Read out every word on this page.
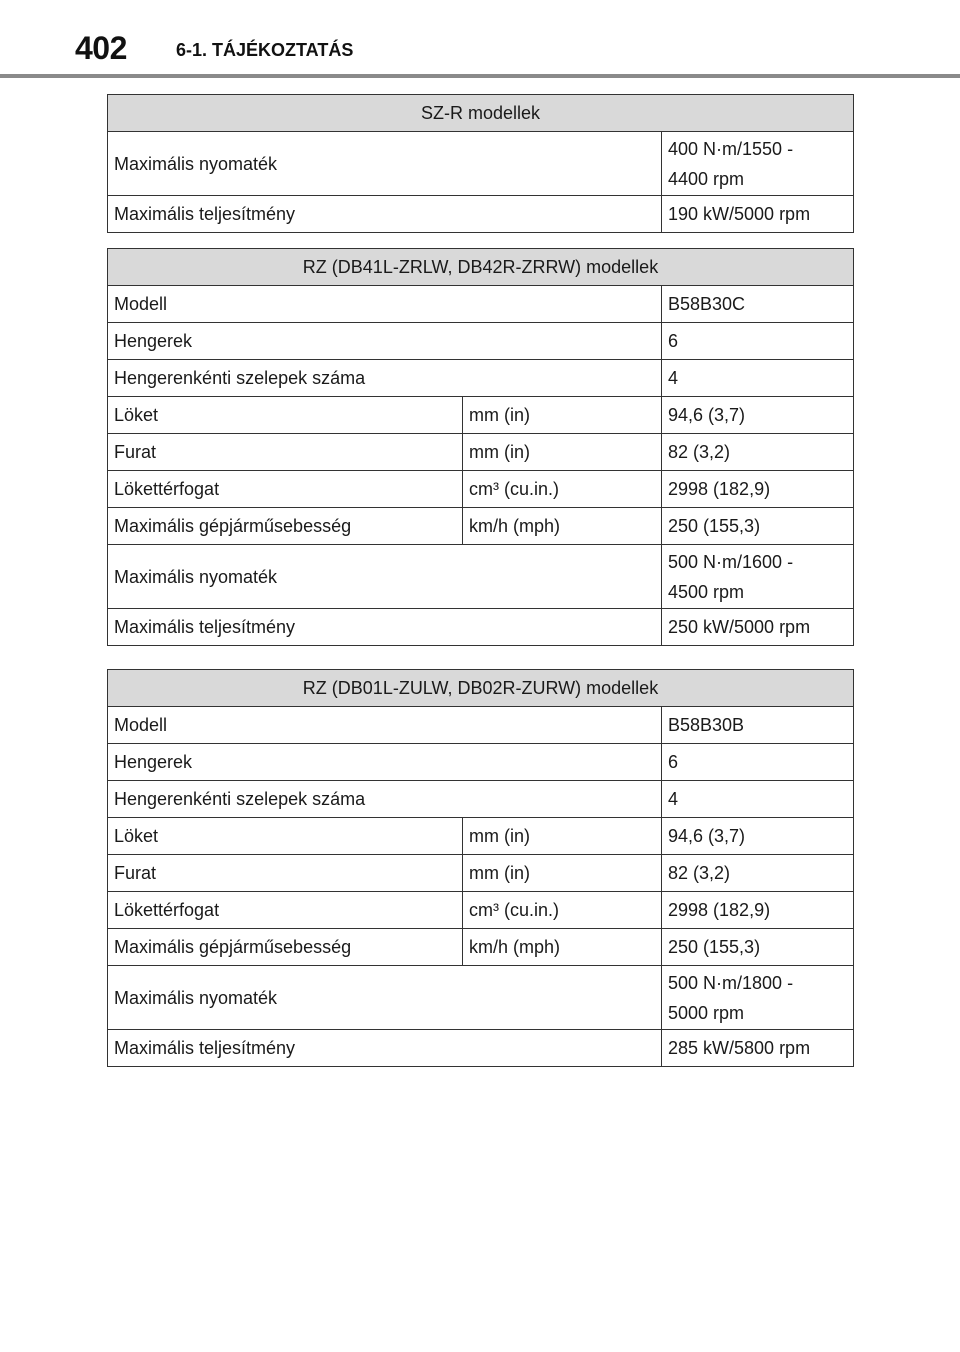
402	6-1. TÁJÉKOZTATÁS
SZ-R modellek	
Maximális nyomaték	400 N·m/1550 -
4400 rpm

Maximális teljesítmény	190 kW/5000 rpm
RZ (DB41L-ZRLW, DB42R-ZRRW) modellek		
Modell		B58B30C

Hengerek		6

Hengerenkénti szelepek száma		4

Löket	mm (in)	94,6 (3,7)

Furat	mm (in)	82 (3,2)

Lökettérfogat	cm³ (cu.in.)	2998 (182,9)

Maximális gépjárműsebesség	km/h (mph)	250 (155,3)

Maximális nyomaték		500 N·m/1600 -
4500 rpm

Maximális teljesítmény		250 kW/5000 rpm
RZ (DB01L-ZULW, DB02R-ZURW) modellek		
Modell		B58B30B

Hengerek		6

Hengerenkénti szelepek száma		4

Löket	mm (in)	94,6 (3,7)

Furat	mm (in)	82 (3,2)

Lökettérfogat	cm³ (cu.in.)	2998 (182,9)

Maximális gépjárműsebesség	km/h (mph)	250 (155,3)

Maximális nyomaték		500 N·m/1800 -
5000 rpm

Maximális teljesítmény		285 kW/5800 rpm
